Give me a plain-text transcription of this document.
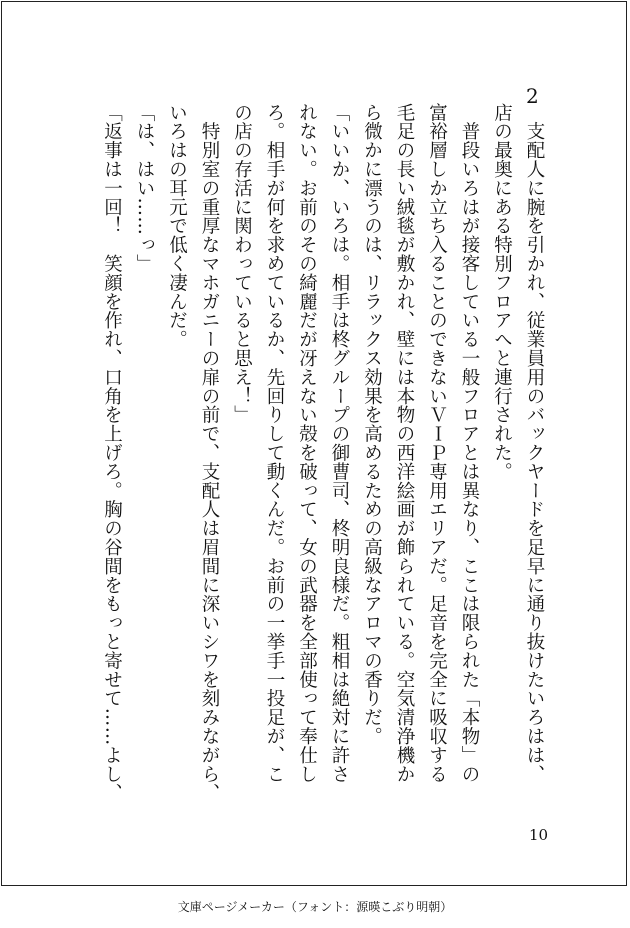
2

　支配人に腕を引かれ、従業員用のバックヤードを足早に通り抜けたいろはは、

店の最奥にある特別フロアへと連行された。

　普段いろはが接客している一般フロアとは異なり、ここは限られた「本物」の

富裕層しか立ち入ることのできないＶＩＰ専用エリアだ。足音を完全に吸収する

毛足の長い絨毯が敷かれ、壁には本物の西洋絵画が飾られている。空気清浄機か

ら微かに漂うのは、リラックス効果を高めるための高級なアロマの香りだ。

「いいか、いろは。相手は柊グループの御曹司、柊明良様だ。粗相は絶対に許さ

れない。お前のその綺麗だが冴えない殻を破って、女の武器を全部使って奉仕し

ろ。相手が何を求めているか、先回りして動くんだ。お前の一挙手一投足が、こ

の店の存活に関わっていると思え！」

　特別室の重厚なマホガニーの扉の前で、支配人は眉間に深いシワを刻みながら、

いろはの耳元で低く凄んだ。

「は、はい……っ」

「返事は一回！　笑顔を作れ、口角を上げろ。胸の谷間をもっと寄せて……よし、

10
文庫ページメーカー（フォント：源暎こぶり明朝）
